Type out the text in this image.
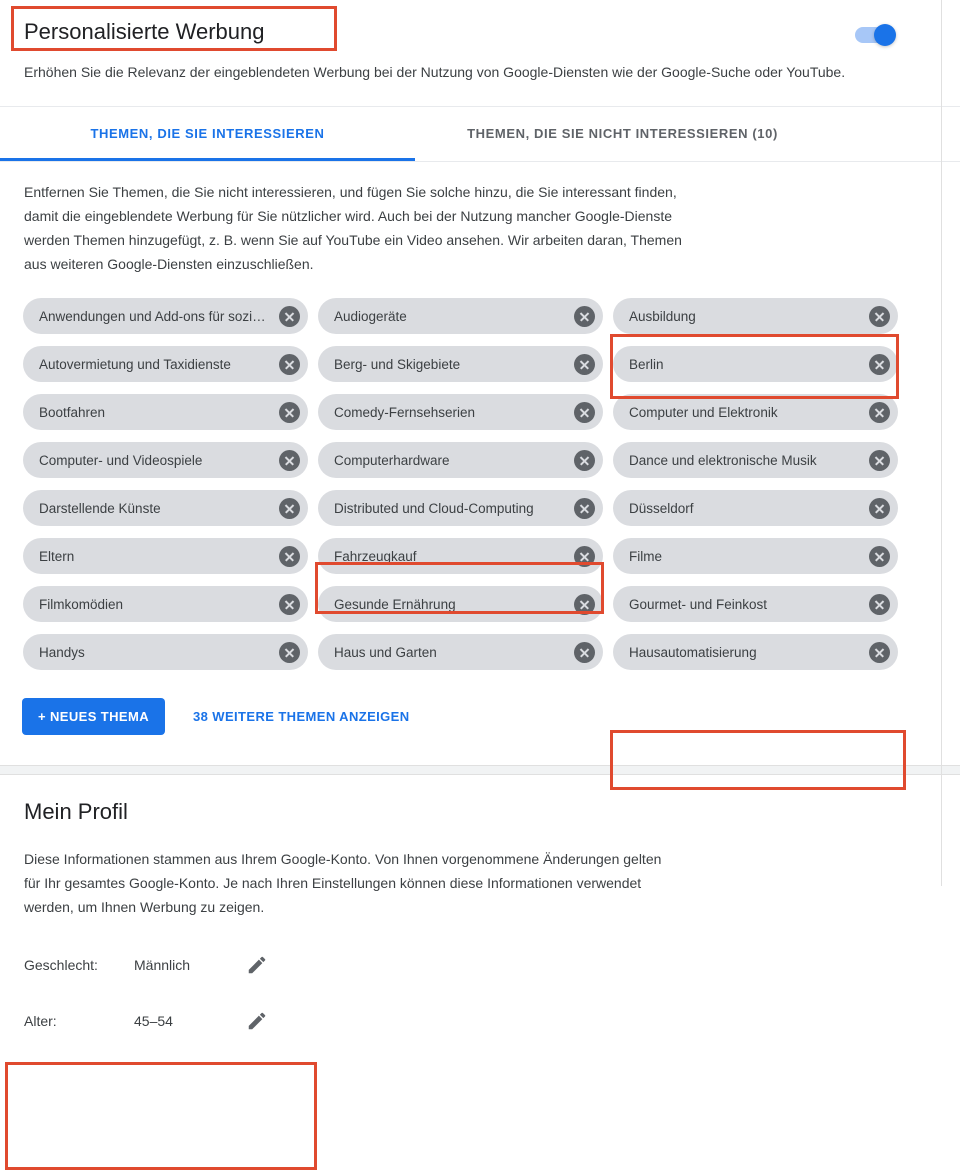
Personalisierte Werbung
Erhöhen Sie die Relevanz der eingeblendeten Werbung bei der Nutzung von Google-Diensten wie der Google-Suche oder YouTube.
THEMEN, DIE SIE INTERESSIEREN	THEMEN, DIE SIE NICHT INTERESSIEREN (10)
Entfernen Sie Themen, die Sie nicht interessieren, und fügen Sie solche hinzu, die Sie interessant finden, damit die eingeblendete Werbung für Sie nützlicher wird. Auch bei der Nutzung mancher Google-Dienste werden Themen hinzugefügt, z. B. wenn Sie auf YouTube ein Video ansehen. Wir arbeiten daran, Themen aus weiteren Google-Diensten einzuschließen.
Anwendungen und Add-ons für sozi…	Audiogeräte	Ausbildung
Autovermietung und Taxidienste	Berg- und Skigebiete	Berlin
Bootfahren	Comedy-Fernsehserien	Computer und Elektronik
Computer- und Videospiele	Computerhardware	Dance und elektronische Musik
Darstellende Künste	Distributed und Cloud-Computing	Düsseldorf
Eltern	Fahrzeugkauf	Filme
Filmkomödien	Gesunde Ernährung	Gourmet- und Feinkost
Handys	Haus und Garten	Hausautomatisierung
+ NEUES THEMA	38 WEITERE THEMEN ANZEIGEN
Mein Profil
Diese Informationen stammen aus Ihrem Google-Konto. Von Ihnen vorgenommene Änderungen gelten für Ihr gesamtes Google-Konto. Je nach Ihren Einstellungen können diese Informationen verwendet werden, um Ihnen Werbung zu zeigen.
Geschlecht:	Männlich
Alter:	45–54
